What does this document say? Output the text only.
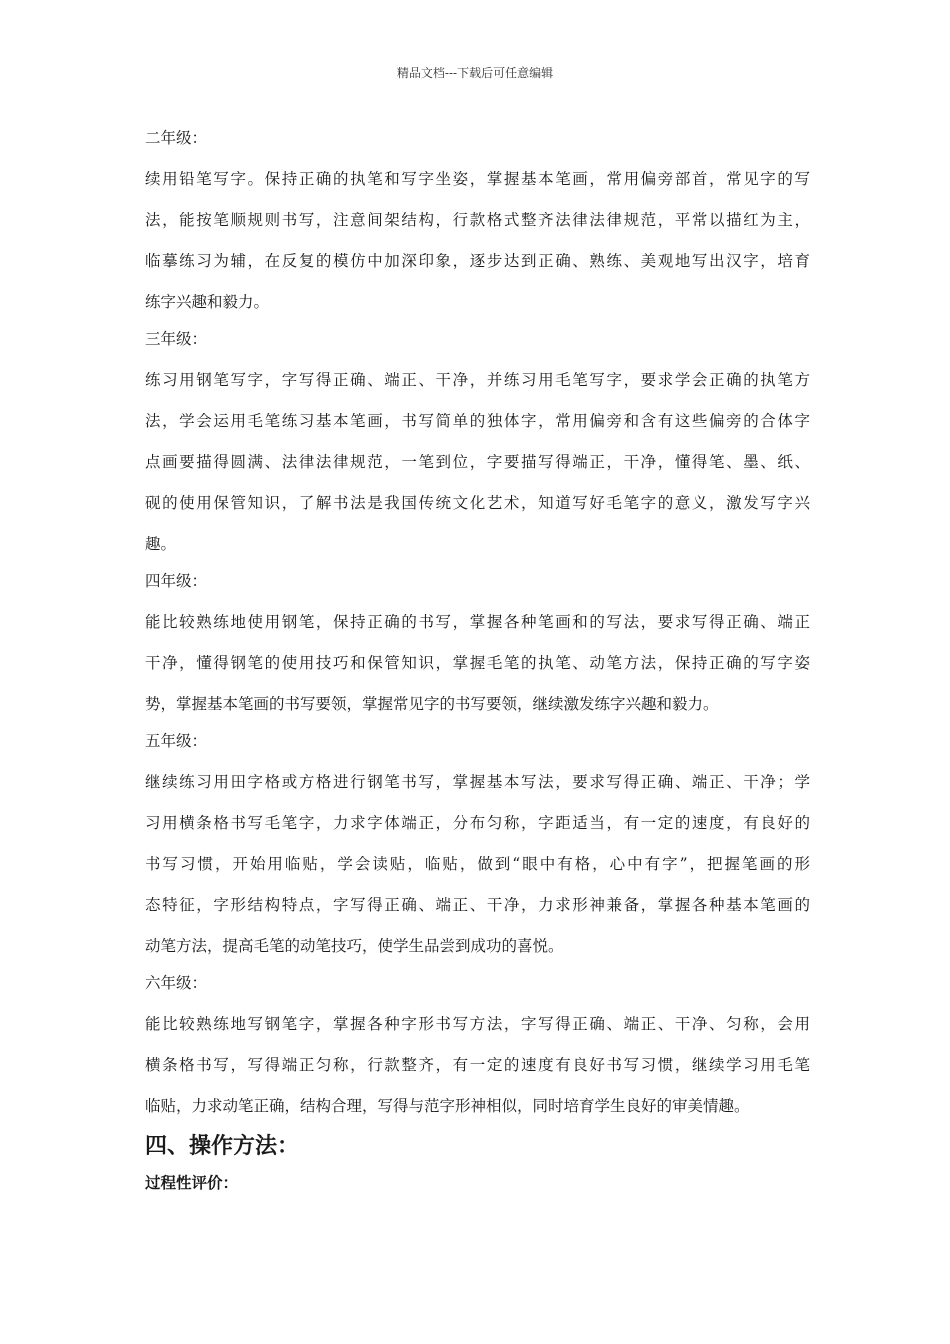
精品文档---下载后可任意编辑
二年级：
续用铅笔写字。保持正确的执笔和写字坐姿，掌握基本笔画，常用偏旁部首，常见字的写
法，能按笔顺规则书写，注意间架结构，行款格式整齐法律法律规范，平常以描红为主，
临摹练习为辅，在反复的模仿中加深印象，逐步达到正确、熟练、美观地写出汉字，培育
练字兴趣和毅力。
三年级：
练习用钢笔写字，字写得正确、端正、干净，并练习用毛笔写字，要求学会正确的执笔方
法，学会运用毛笔练习基本笔画，书写简单的独体字，常用偏旁和含有这些偏旁的合体字
点画要描得圆满、法律法律规范，一笔到位，字要描写得端正，干净，懂得笔、墨、纸、
砚的使用保管知识，了解书法是我国传统文化艺术，知道写好毛笔字的意义，激发写字兴
趣。
四年级：
能比较熟练地使用钢笔，保持正确的书写，掌握各种笔画和的写法，要求写得正确、端正
干净，懂得钢笔的使用技巧和保管知识，掌握毛笔的执笔、动笔方法，保持正确的写字姿
势，掌握基本笔画的书写要领，掌握常见字的书写要领，继续激发练字兴趣和毅力。
五年级：
继续练习用田字格或方格进行钢笔书写，掌握基本写法，要求写得正确、端正、干净；学
习用横条格书写毛笔字，力求字体端正，分布匀称，字距适当，有一定的速度，有良好的
书写习惯，开始用临贴，学会读贴，临贴，做到“眼中有格，心中有字”，把握笔画的形
态特征，字形结构特点，字写得正确、端正、干净，力求形神兼备，掌握各种基本笔画的
动笔方法，提高毛笔的动笔技巧，使学生品尝到成功的喜悦。
六年级：
能比较熟练地写钢笔字，掌握各种字形书写方法，字写得正确、端正、干净、匀称，会用
横条格书写，写得端正匀称，行款整齐，有一定的速度有良好书写习惯，继续学习用毛笔
临贴，力求动笔正确，结构合理，写得与范字形神相似，同时培育学生良好的审美情趣。
四、操作方法：
过程性评价：
